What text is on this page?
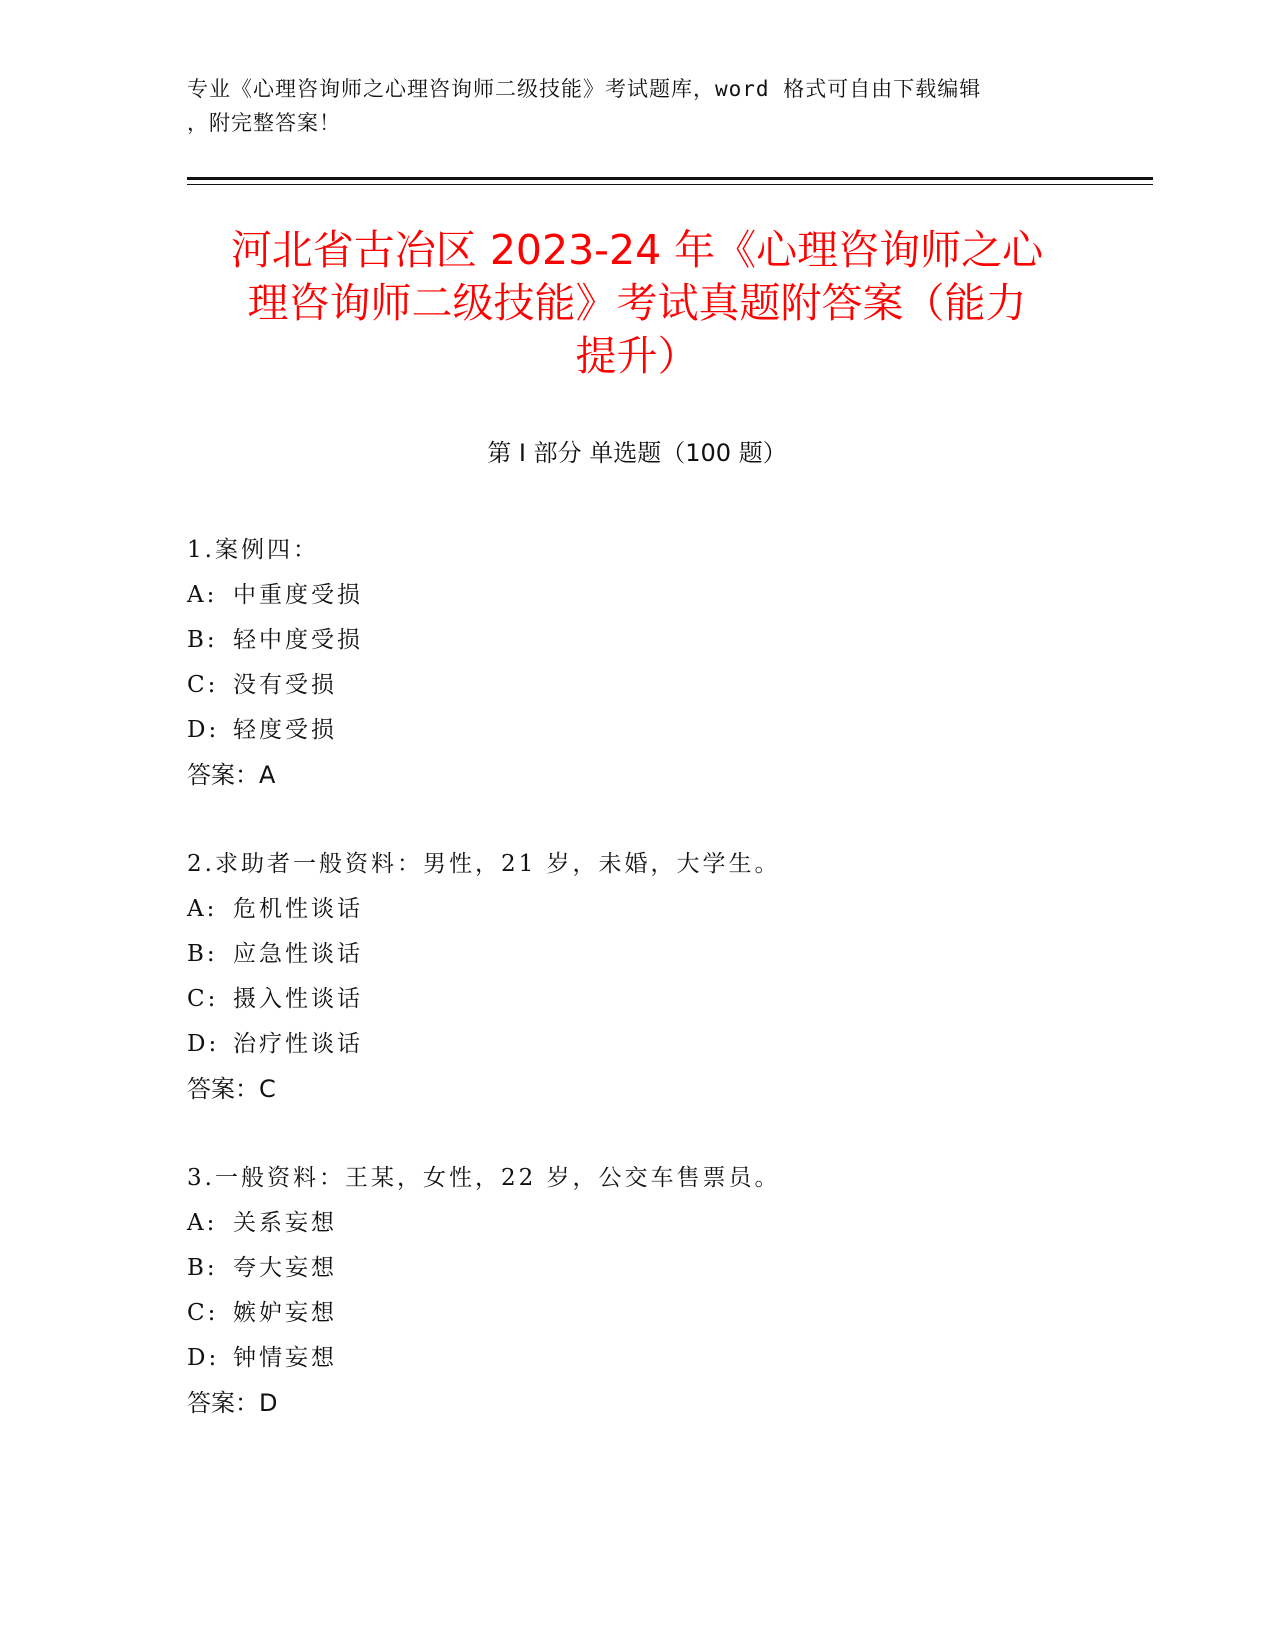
专业《心理咨询师之心理咨询师二级技能》考试题库，word 格式可自由下载编辑
，附完整答案！
河北省古冶区 2023-24 年《心理咨询师之心
理咨询师二级技能》考试真题附答案（能力
提升）
第 I 部分 单选题（100 题）
1.案例四：
A: 中重度受损
B: 轻中度受损
C: 没有受损
D: 轻度受损
答案：A
2.求助者一般资料：男性，21 岁，未婚，大学生。
A: 危机性谈话
B: 应急性谈话
C: 摄入性谈话
D: 治疗性谈话
答案：C
3.一般资料：王某，女性，22 岁，公交车售票员。
A: 关系妄想
B: 夸大妄想
C: 嫉妒妄想
D: 钟情妄想
答案：D
